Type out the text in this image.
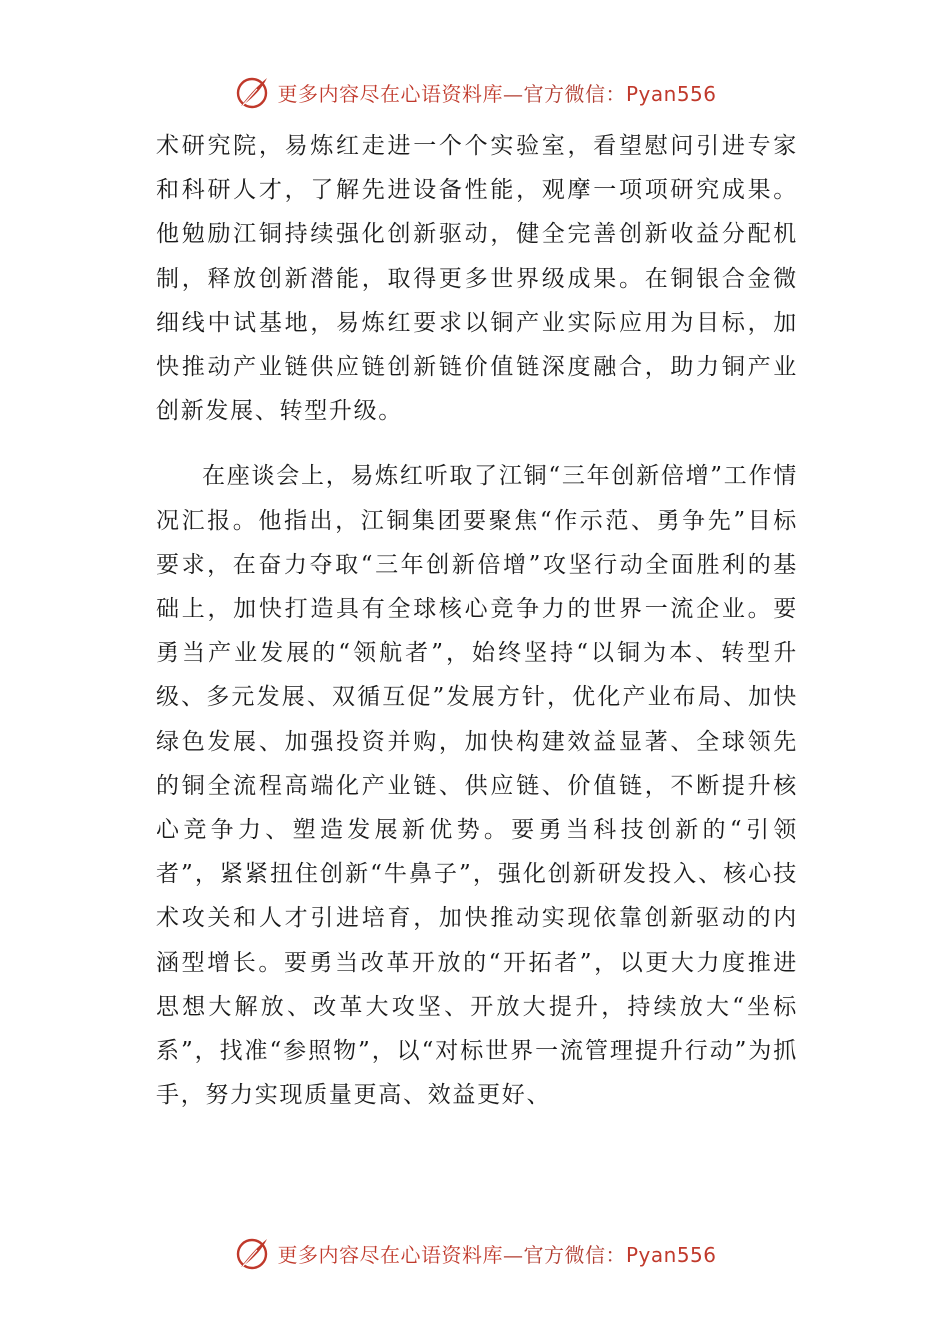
更多内容尽在心语资料库—官方微信：Pyan556

术研究院，易炼红走进一个个实验室，看望慰问引进专家和科研人才，了解先进设备性能，观摩一项项研究成果。他勉励江铜持续强化创新驱动，健全完善创新收益分配机制，释放创新潜能，取得更多世界级成果。在铜银合金微细线中试基地，易炼红要求以铜产业实际应用为目标，加快推动产业链供应链创新链价值链深度融合，助力铜产业创新发展、转型升级。

在座谈会上，易炼红听取了江铜“三年创新倍增”工作情况汇报。他指出，江铜集团要聚焦“作示范、勇争先”目标要求，在奋力夺取“三年创新倍增”攻坚行动全面胜利的基础上，加快打造具有全球核心竞争力的世界一流企业。要勇当产业发展的“领航者”，始终坚持“以铜为本、转型升级、多元发展、双循互促”发展方针，优化产业布局、加快绿色发展、加强投资并购，加快构建效益显著、全球领先的铜全流程高端化产业链、供应链、价值链，不断提升核心竞争力、塑造发展新优势。要勇当科技创新的“引领者”，紧紧扭住创新“牛鼻子”，强化创新研发投入、核心技术攻关和人才引进培育，加快推动实现依靠创新驱动的内涵型增长。要勇当改革开放的“开拓者”，以更大力度推进思想大解放、改革大攻坚、开放大提升，持续放大“坐标系”，找准“参照物”，以“对标世界一流管理提升行动”为抓手，努力实现质量更高、效益更好、

更多内容尽在心语资料库—官方微信：Pyan556
